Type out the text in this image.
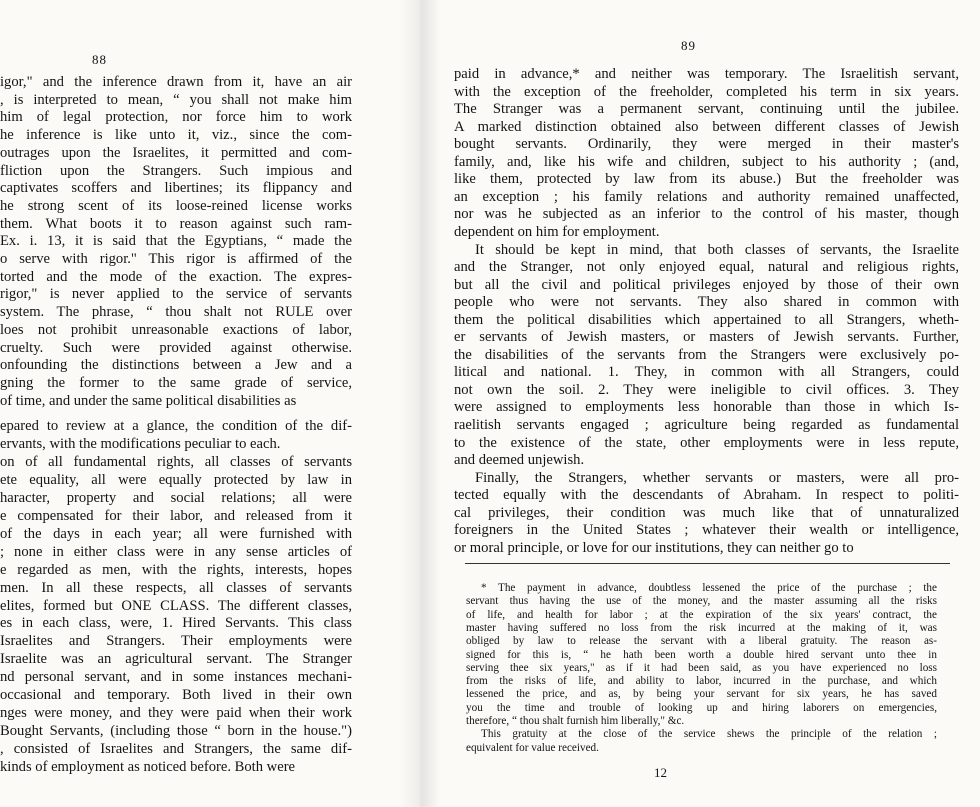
88
igor," and the inference drawn from it, have an air
, is interpreted to mean, “ you shall not make him
him of legal protection, nor force him to work
he inference is like unto it, viz., since the com-
outrages upon the Israelites, it permitted and com-
fliction upon the Strangers. Such impious and
captivates scoffers and libertines; its flippancy and
he strong scent of its loose-reined license works
them. What boots it to reason against such ram-
Ex. i. 13, it is said that the Egyptians, “ made the
o serve with rigor." This rigor is affirmed of the
torted and the mode of the exaction. The expres-
rigor," is never applied to the service of servants
system. The phrase, “ thou shalt not RULE over
loes not prohibit unreasonable exactions of labor,
cruelty. Such were provided against otherwise.
onfounding the distinctions between a Jew and a
gning the former to the same grade of service,
of time, and under the same political disabilities as
epared to review at a glance, the condition of the dif-
ervants, with the modifications peculiar to each.
on of all fundamental rights, all classes of servants
ete equality, all were equally protected by law in
haracter, property and social relations; all were
e compensated for their labor, and released from it
of the days in each year; all were furnished with
; none in either class were in any sense articles of
e regarded as men, with the rights, interests, hopes
men. In all these respects, all classes of servants
elites, formed but ONE CLASS. The different classes,
es in each class, were, 1. Hired Servants. This class
Israelites and Strangers. Their employments were
Israelite was an agricultural servant. The Stranger
nd personal servant, and in some instances mechani-
occasional and temporary. Both lived in their own
nges were money, and they were paid when their work
Bought Servants, (including those “ born in the house.")
, consisted of Israelites and Strangers, the same dif-
kinds of employment as noticed before. Both were
89
12
paid in advance,* and neither was temporary. The Israelitish servant,
with the exception of the freeholder, completed his term in six years.
The Stranger was a permanent servant, continuing until the jubilee.
A marked distinction obtained also between different classes of Jewish
bought servants. Ordinarily, they were merged in their master's
family, and, like his wife and children, subject to his authority ; (and,
like them, protected by law from its abuse.) But the freeholder was
an exception ; his family relations and authority remained unaffected,
nor was he subjected as an inferior to the control of his master, though
dependent on him for employment.
It should be kept in mind, that both classes of servants, the Israelite
and the Stranger, not only enjoyed equal, natural and religious rights,
but all the civil and political privileges enjoyed by those of their own
people who were not servants. They also shared in common with
them the political disabilities which appertained to all Strangers, wheth-
er servants of Jewish masters, or masters of Jewish servants. Further,
the disabilities of the servants from the Strangers were exclusively po-
litical and national. 1. They, in common with all Strangers, could
not own the soil. 2. They were ineligible to civil offices. 3. They
were assigned to employments less honorable than those in which Is-
raelitish servants engaged ; agriculture being regarded as fundamental
to the existence of the state, other employments were in less repute,
and deemed unjewish.
Finally, the Strangers, whether servants or masters, were all pro-
tected equally with the descendants of Abraham. In respect to politi-
cal privileges, their condition was much like that of unnaturalized
foreigners in the United States ; whatever their wealth or intelligence,
or moral principle, or love for our institutions, they can neither go to
* The payment in advance, doubtless lessened the price of the purchase ; the
servant thus having the use of the money, and the master assuming all the risks
of life, and health for labor ; at the expiration of the six years' contract, the
master having suffered no loss from the risk incurred at the making of it, was
obliged by law to release the servant with a liberal gratuity. The reason as-
signed for this is, “ he hath been worth a double hired servant unto thee in
serving thee six years," as if it had been said, as you have experienced no loss
from the risks of life, and ability to labor, incurred in the purchase, and which
lessened the price, and as, by being your servant for six years, he has saved
you the time and trouble of looking up and hiring laborers on emergencies,
therefore, “ thou shalt furnish him liberally," &c.
This gratuity at the close of the service shews the principle of the relation ;
equivalent for value received.
